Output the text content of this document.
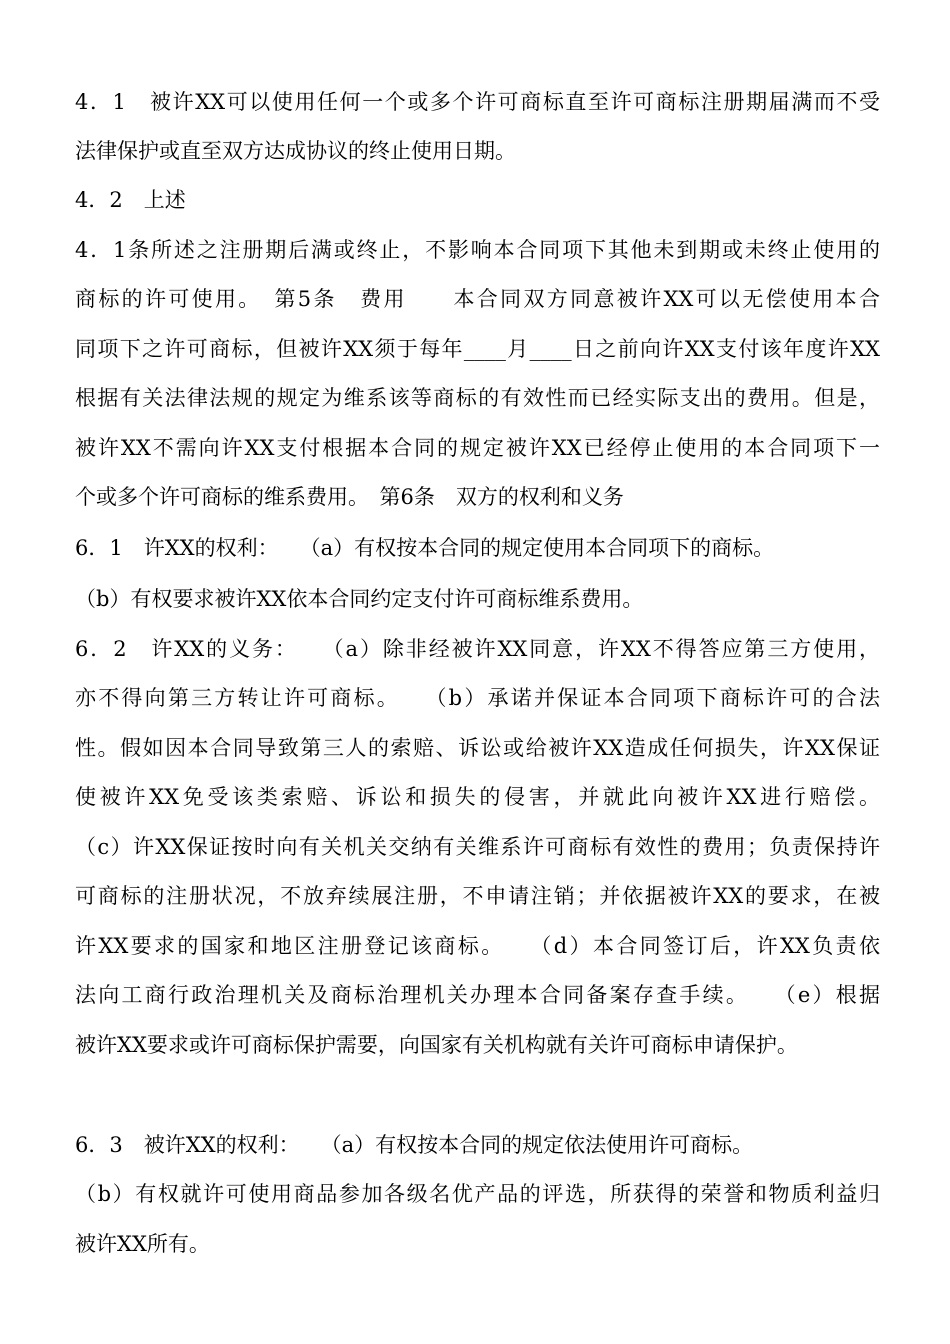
4．1　被许XX可以使用任何一个或多个许可商标直至许可商标注册期届满而不受
法律保护或直至双方达成协议的终止使用日期。
4．2　上述
4．1条所述之注册期后满或终止，不影响本合同项下其他未到期或未终止使用的
商标的许可使用。　第5条　费用　　本合同双方同意被许XX可以无偿使用本合
同项下之许可商标，但被许XX须于每年____月____日之前向许XX支付该年度许XX
根据有关法律法规的规定为维系该等商标的有效性而已经实际支出的费用。但是，
被许XX不需向许XX支付根据本合同的规定被许XX已经停止使用的本合同项下一
个或多个许可商标的维系费用。　第6条　双方的权利和义务
6．1　许XX的权利：　　（a）有权按本合同的规定使用本合同项下的商标。
（b）有权要求被许XX依本合同约定支付许可商标维系费用。
6．2　许XX的义务：　　（a）除非经被许XX同意，许XX不得答应第三方使用，
亦不得向第三方转让许可商标。　　（b）承诺并保证本合同项下商标许可的合法
性。假如因本合同导致第三人的索赔、诉讼或给被许XX造成任何损失，许XX保证
使被许XX免受该类索赔、诉讼和损失的侵害，并就此向被许XX进行赔偿。
（c）许XX保证按时向有关机关交纳有关维系许可商标有效性的费用；负责保持许
可商标的注册状况，不放弃续展注册，不申请注销；并依据被许XX的要求，在被
许XX要求的国家和地区注册登记该商标。　　（d）本合同签订后，许XX负责依
法向工商行政治理机关及商标治理机关办理本合同备案存查手续。　　（e）根据
被许XX要求或许可商标保护需要，向国家有关机构就有关许可商标申请保护。
6．3　被许XX的权利：　　（a）有权按本合同的规定依法使用许可商标。
（b）有权就许可使用商品参加各级名优产品的评选，所获得的荣誉和物质利益归
被许XX所有。
